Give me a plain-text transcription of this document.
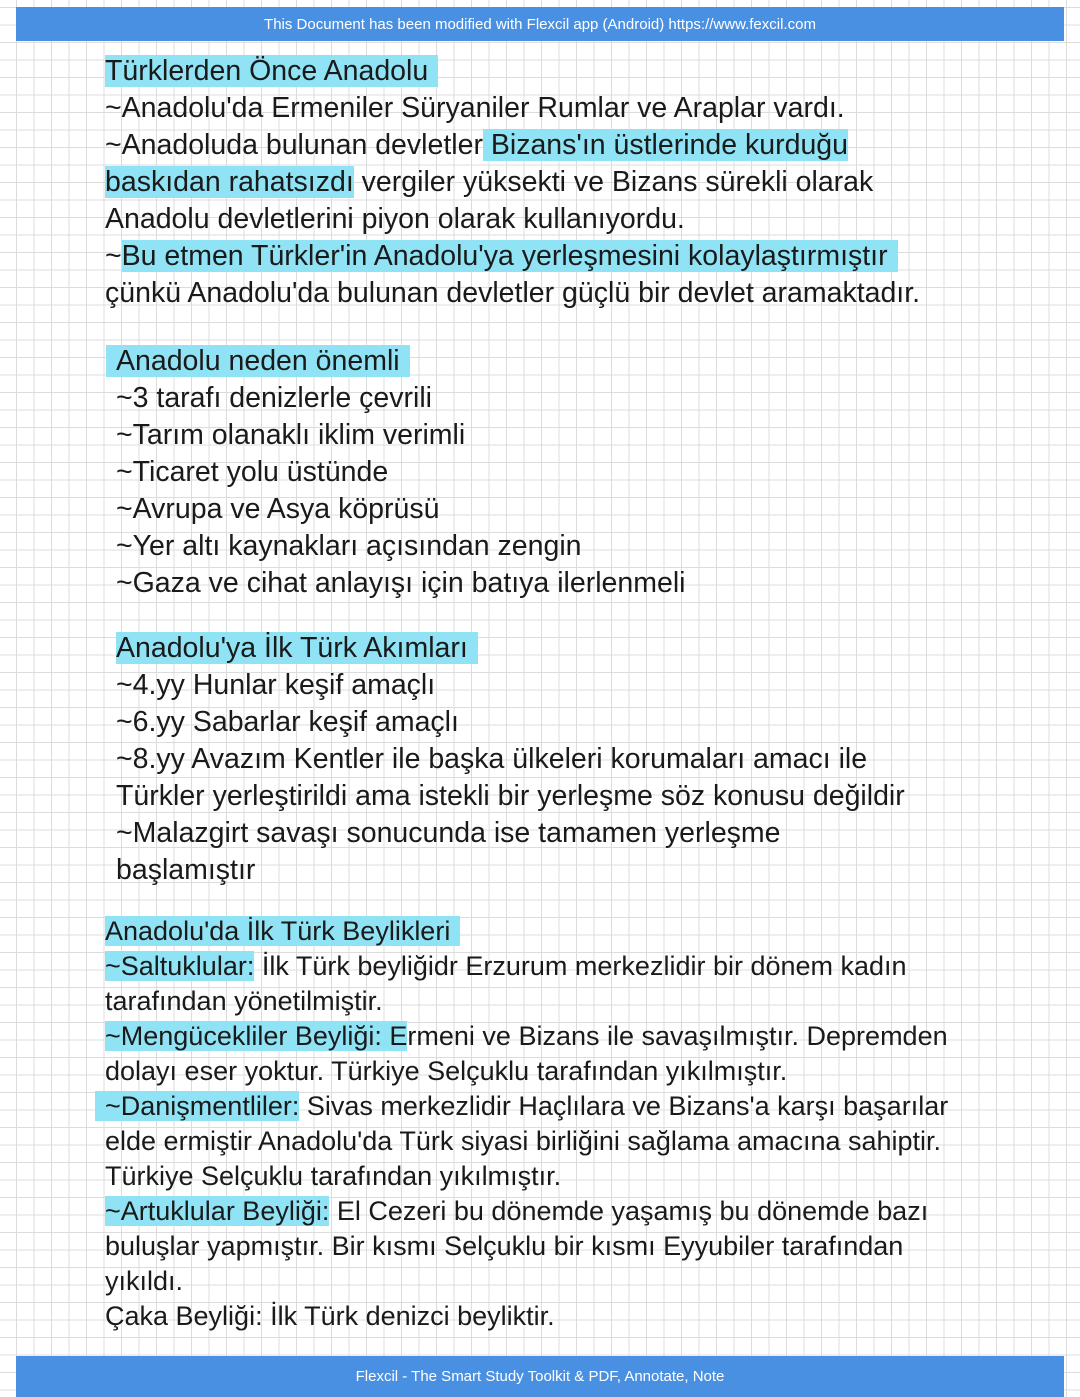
This Document has been modified with Flexcil app (Android) https://www.fexcil.com
Türklerden Önce Anadolu
~Anadolu'da Ermeniler Süryaniler Rumlar ve Araplar vardı.
~Anadoluda bulunan devletler Bizans'ın üstlerinde kurduğu
baskıdan rahatsızdı vergiler yüksekti ve Bizans sürekli olarak
Anadolu devletlerini piyon olarak kullanıyordu.
~Bu etmen Türkler'in Anadolu'ya yerleşmesini kolaylaştırmıştır
çünkü Anadolu'da bulunan devletler güçlü bir devlet aramaktadır.
Anadolu neden önemli
~3 tarafı denizlerle çevrili
~Tarım olanaklı iklim verimli
~Ticaret yolu üstünde
~Avrupa ve Asya köprüsü
~Yer altı kaynakları açısından zengin
~Gaza ve cihat anlayışı için batıya ilerlenmeli
Anadolu'ya İlk Türk Akımları
~4.yy Hunlar keşif amaçlı
~6.yy Sabarlar keşif amaçlı
~8.yy Avazım Kentler ile başka ülkeleri korumaları amacı ile
Türkler yerleştirildi ama istekli bir yerleşme söz konusu değildir
~Malazgirt savaşı sonucunda ise tamamen yerleşme
başlamıştır
Anadolu'da İlk Türk Beylikleri
~Saltuklular: İlk Türk beyliğidr Erzurum merkezlidir bir dönem kadın
tarafından yönetilmiştir.
~Mengücekliler Beyliği: Ermeni ve Bizans ile savaşılmıştır. Depremden
dolayı eser yoktur. Türkiye Selçuklu tarafından yıkılmıştır.
~Danişmentliler: Sivas merkezlidir Haçlılara ve Bizans'a karşı başarılar
elde ermiştir Anadolu'da Türk siyasi birliğini sağlama amacına sahiptir.
Türkiye Selçuklu tarafından yıkılmıştır.
~Artuklular Beyliği: El Cezeri bu dönemde yaşamış bu dönemde bazı
buluşlar yapmıştır. Bir kısmı Selçuklu bir kısmı Eyyubiler tarafından
yıkıldı.
Çaka Beyliği: İlk Türk denizci beyliktir.
Flexcil - The Smart Study Toolkit & PDF, Annotate, Note
